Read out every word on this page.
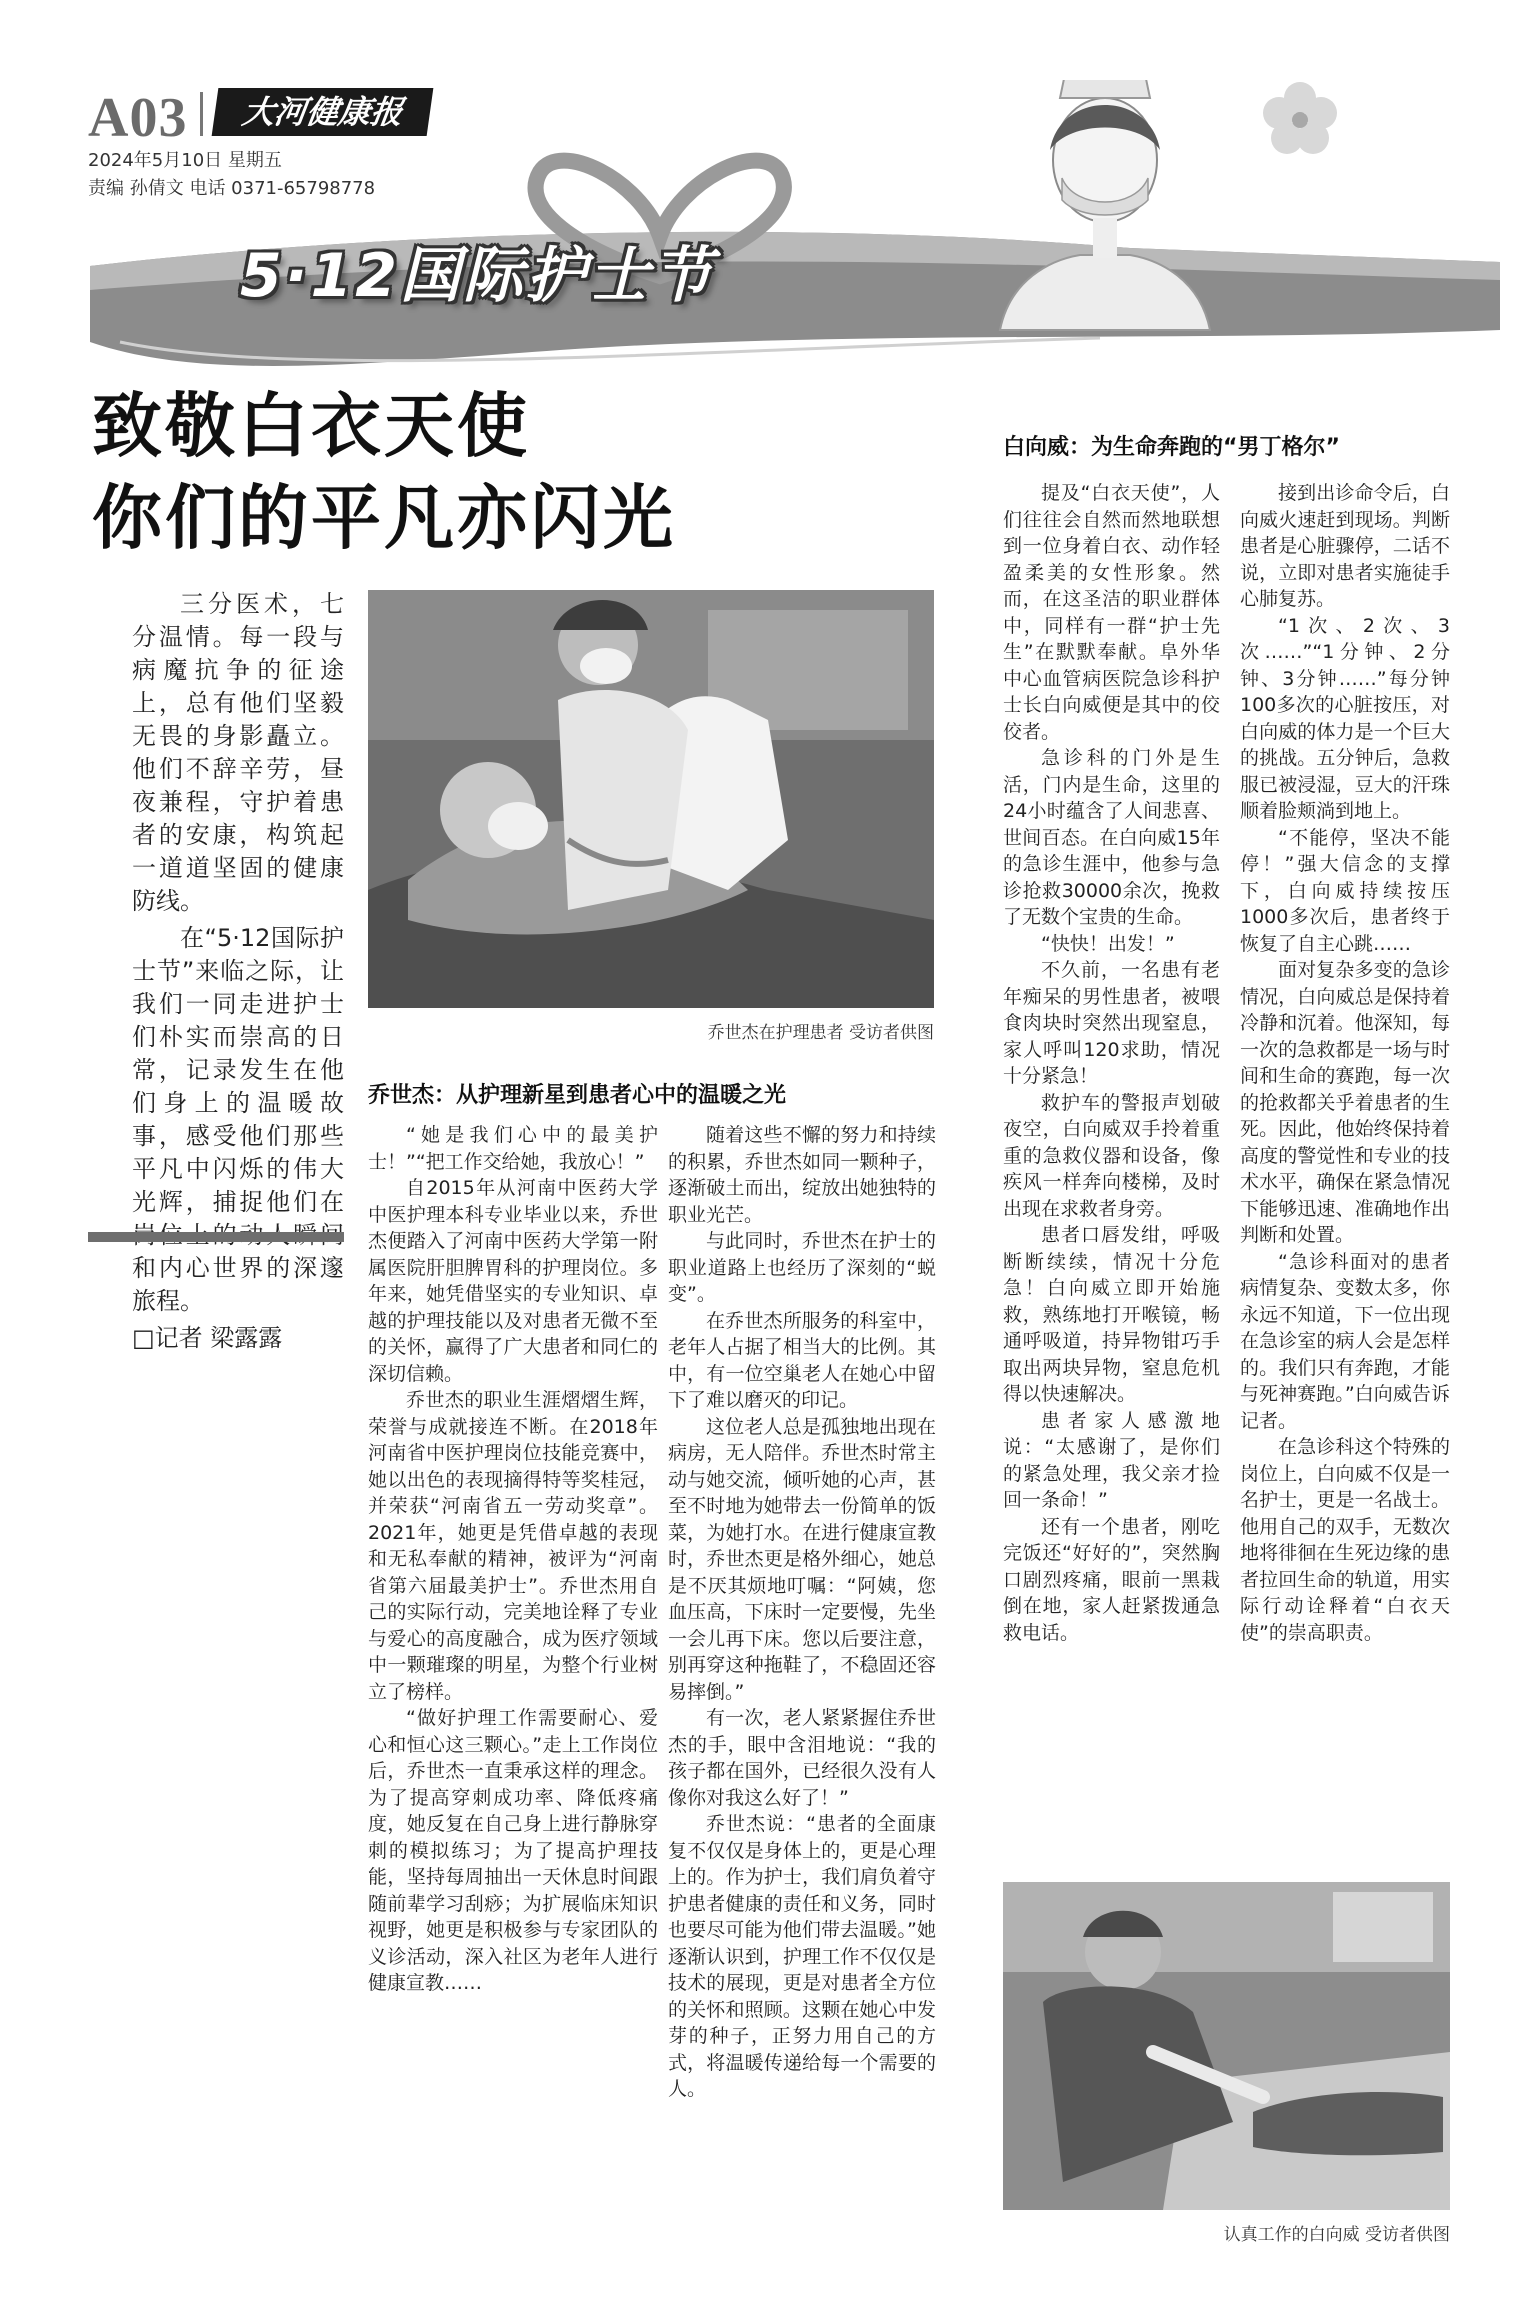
A03	大河健康报
2024年5月10日 星期五
责编 孙倩文 电话 0371-65798778
5·12国际护士节
致敬白衣天使
你们的平凡亦闪光

三分医术，七分温情。每一段与病魔抗争的征途上，总有他们坚毅无畏的身影矗立。他们不辞辛劳，昼夜兼程，守护着患者的安康，构筑起一道道坚固的健康防线。

在“5·12国际护士节”来临之际，让我们一同走进护士们朴实而崇高的日常，记录发生在他们身上的温暖故事，感受他们那些平凡中闪烁的伟大光辉，捕捉他们在 和内心世界的深邃旅程。

□记者 梁露露

乔世杰在护理患者 受访者供图
乔世杰：从护理新星到患者心中的温暖之光

“她是我们心中的最美护士！”“把工作交给她，我放心！”

自2015年从河南中医药大学中医护理本科专业毕业以来，乔世杰便踏入了河南中医药大学第一附属医院肝胆脾胃科的护理岗位。多年来，她凭借坚实的专业知识、卓越的护理技能以及对患者无微不至的关怀，赢得了广大患者和同仁的深切信赖。

乔世杰的职业生涯熠熠生辉，荣誉与成就接连不断。在2018年河南省中医护理岗位技能竞赛中，她以出色的表现摘得特等奖桂冠，并荣获“河南省五一劳动奖章”。2021年，她更是凭借卓越的表现和无私奉献的精神，被评为“河南省第六届最美护士”。乔世杰用自己的实际行动，完美地诠释了专业与爱心的高度融合，成为医疗领域中一颗璀璨的明星，为整个行业树立了榜样。

“做好护理工作需要耐心、爱心和恒心这三颗心。”走上工作岗位后，乔世杰一直秉承这样的理念。为了提高穿刺成功率、降低疼痛度，她反复在自己身上进行静脉穿刺的模拟练习；为了提高护理技能，坚持每周抽出一天休息时间跟随前辈学习刮痧；为扩展临床知识视野，她更是积极参与专家团队的义诊活动，深入社区为老年人进行健康宣教……

随着这些不懈的努力和持续的积累，乔世杰如同一颗种子，逐渐破土而出，绽放出她独特的职业光芒。

与此同时，乔世杰在护士的职业道路上也经历了深刻的“蜕变”。

在乔世杰所服务的科室中，老年人占据了相当大的比例。其中，有一位空巢老人在她心中留下了难以磨灭的印记。

这位老人总是孤独地出现在病房，无人陪伴。乔世杰时常主动与她交流，倾听她的心声，甚至不时地为她带去一份简单的饭菜，为她打水。在进行健康宣教时，乔世杰更是格外细心，她总是不厌其烦地叮嘱：“阿姨，您血压高，下床时一定要慢，先坐一会儿再下床。您以后要注意，别再穿这种拖鞋了，不稳固还容易摔倒。”

有一次，老人紧紧握住乔世杰的手，眼中含泪地说：“我的孩子都在国外，已经很久没有人像你对我这么好了！”

乔世杰说：“患者的全面康复不仅仅是身体上的，更是心理上的。作为护士，我们肩负着守护患者健康的责任和义务，同时也要尽可能为他们带去温暖。”她逐渐认识到，护理工作不仅仅是技术的展现，更是对患者全方位的关怀和照顾。这颗在她心中发芽的种子，正努力用自己的方式，将温暖传递给每一个需要的人。

白向威：为生命奔跑的“男丁格尔”

提及“白衣天使”，人们往往会自然而然地联想到一位身着白衣、动作轻盈柔美的女性形象。然而，在这圣洁的职业群体中，同样有一群“护士先生”在默默奉献。阜外华中心血管病医院急诊科护士长白向威便是其中的佼佼者。

急诊科的门外是生活，门内是生命，这里的24小时蕴含了人间悲喜、世间百态。在白向威15年的急诊生涯中，他参与急诊抢救30000余次，挽救了无数个宝贵的生命。

“快快！出发！”

不久前，一名患有老年痴呆的男性患者，被喂食肉块时突然出现窒息，家人呼叫120求助，情况十分紧急！

救护车的警报声划破夜空，白向威双手拎着重重的急救仪器和设备，像疾风一样奔向楼梯，及时出现在求救者身旁。

患者口唇发绀，呼吸断断续续，情况十分危急！白向威立即开始施救，熟练地打开喉镜，畅通呼吸道，持异物钳巧手取出两块异物，窒息危机得以快速解决。

患者家人感激地说：“太感谢了，是你们的紧急处理，我父亲才捡回一条命！”

还有一个患者，刚吃完饭还“好好的”，突然胸口剧烈疼痛，眼前一黑栽倒在地，家人赶紧拨通急救电话。

接到出诊命令后，白向威火速赶到现场。判断患者是心脏骤停，二话不说，立即对患者实施徒手心肺复苏。

“1次、2次、3次……”“1分钟、2分钟、3分钟……”每分钟100多次的心脏按压，对白向威的体力是一个巨大的挑战。五分钟后，急救服已被浸湿，豆大的汗珠顺着脸颊淌到地上。

“不能停，坚决不能停！”强大信念的支撑下，白向威持续按压1000多次后，患者终于恢复了自主心跳……

面对复杂多变的急诊情况，白向威总是保持着冷静和沉着。他深知，每一次的急救都是一场与时间和生命的赛跑，每一次的抢救都关乎着患者的生死。因此，他始终保持着高度的警觉性和专业的技术水平，确保在紧急情况下能够迅速、准确地作出判断和处置。

“急诊科面对的患者病情复杂、变数太多，你永远不知道，下一位出现在急诊室的病人会是怎样的。我们只有奔跑，才能与死神赛跑。”白向威告诉记者。

在急诊科这个特殊的岗位上，白向威不仅是一名护士，更是一名战士。他用自己的双手，无数次地将徘徊在生死边缘的患者拉回生命的轨道，用实际行动诠释着“白衣天使”的崇高职责。

认真工作的白向威 受访者供图
